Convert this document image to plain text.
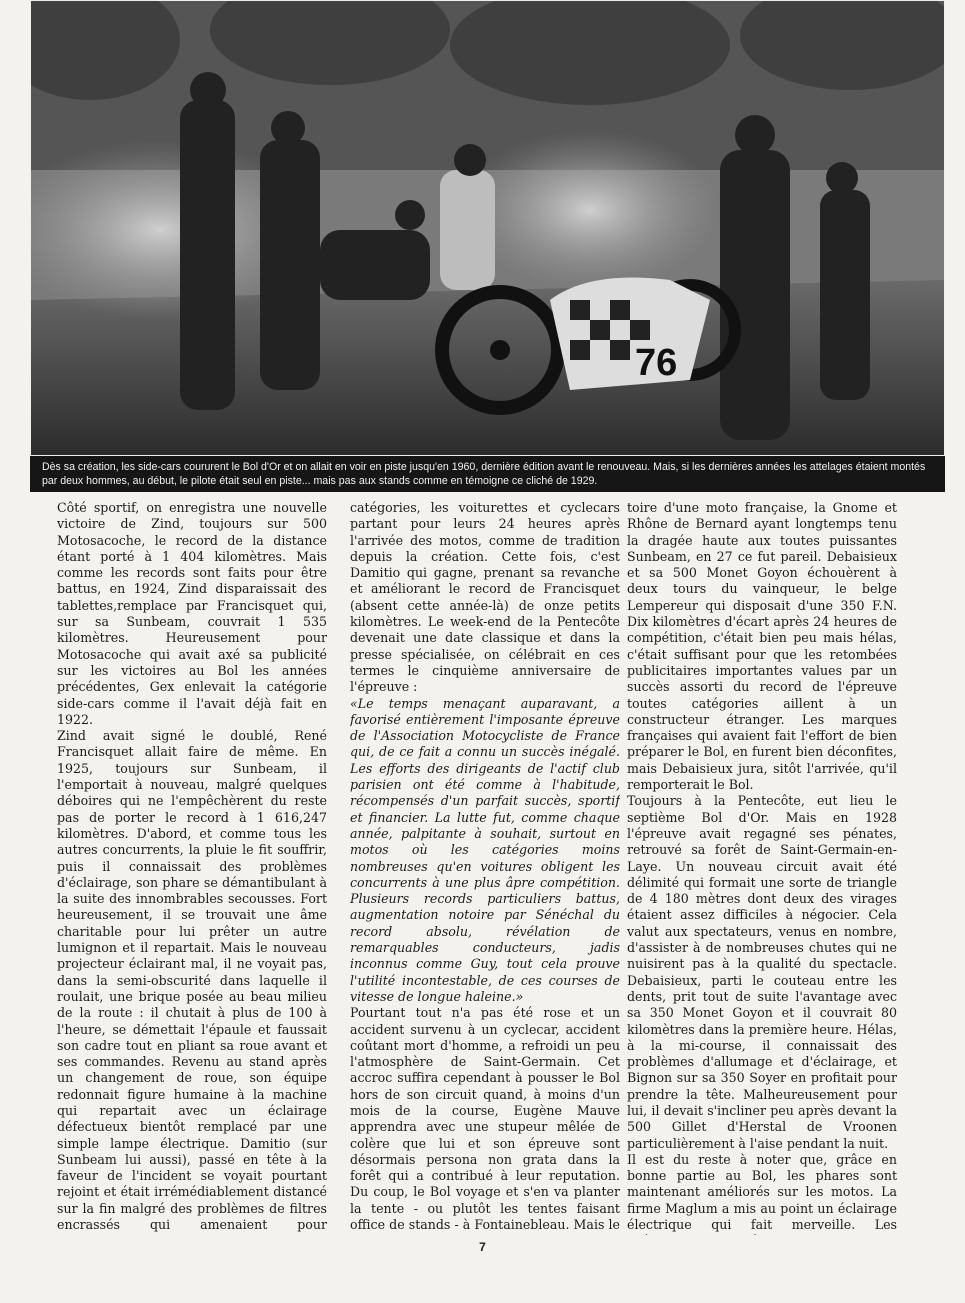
76
Dès sa création, les side-cars coururent le Bol d'Or et on allait en voir en piste jusqu'en 1960, dernière édition avant le renouveau. Mais, si les dernières années les attelages étaient montés par deux hommes, au début, le pilote était seul en piste... mais pas aux stands comme en témoigne ce cliché de 1929.

Côté sportif, on enregistra une nouvelle victoire de Zind, toujours sur 500 Motosacoche, le record de la distance étant porté à 1 404 kilomètres. Mais comme les records sont faits pour être battus, en 1924, Zind disparaissait des tablettes,remplace par Francisquet qui, sur sa Sunbeam, couvrait 1 535 kilomètres. Heureusement pour Motosacoche qui avait axé sa publicité sur les victoires au Bol les années précédentes, Gex enlevait la catégorie side-cars comme il l'avait déjà fait en 1922.

Zind avait signé le doublé, René Francisquet allait faire de même. En 1925, toujours sur Sunbeam, il l'emportait à nouveau, malgré quelques déboires qui ne l'empêchèrent du reste pas de porter le record à 1 616,247 kilomètres. D'abord, et comme tous les autres concurrents, la pluie le fit souffrir, puis il connaissait des problèmes d'éclairage, son phare se démantibulant à la suite des innombrables secousses. Fort heureusement, il se trouvait une âme charitable pour lui prêter un autre lumignon et il repartait. Mais le nouveau projecteur éclairant mal, il ne voyait pas, dans la semi-obscurité dans laquelle il roulait, une brique posée au beau milieu de la route : il chutait à plus de 100 à l'heure, se démettait l'épaule et faussait son cadre tout en pliant sa roue avant et ses commandes. Revenu au stand après un changement de roue, son équipe redonnait figure humaine à la machine qui repartait avec un éclairage défectueux bientôt remplacé par une simple lampe électrique. Damitio (sur Sunbeam lui aussi), passé en tête à la faveur de l'incident se voyait pourtant rejoint et était irrémédiablement distancé sur la fin malgré des problèmes de filtres encrassés qui amenaient pour

catégories, les voiturettes et cyclecars partant pour leurs 24 heures après l'arrivée des motos, comme de tradition depuis la création. Cette fois, c'est Damitio qui gagne, prenant sa revanche et améliorant le record de Francisquet (absent cette année-là) de onze petits kilomètres. Le week-end de la Pentecôte devenait une date classique et dans la presse spécialisée, on célébrait en ces termes le cinquième anniversaire de l'épreuve :

«Le temps menaçant auparavant, a favorisé entièrement l'imposante épreuve de l'Association Motocycliste de France qui, de ce fait a connu un succès inégalé. Les efforts des dirigeants de l'actif club parisien ont été comme à l'habitude, récompensés d'un parfait succès, sportif et financier. La lutte fut, comme chaque année, palpitante à souhait, surtout en motos où les catégories moins nombreuses qu'en voitures obligent les concurrents à une plus âpre compétition. Plusieurs records particuliers battus, augmentation notoire par Sénéchal du record absolu, révélation de remarquables conducteurs, jadis inconnus comme Guy, tout cela prouve l'utilité incontestable, de ces courses de vitesse de longue haleine.»

Pourtant tout n'a pas été rose et un accident survenu à un cyclecar, accident coûtant mort d'homme, a refroidi un peu l'atmosphère de Saint-Germain. Cet accroc suffira cependant à pousser le Bol hors de son circuit quand, à moins d'un mois de la course, Eugène Mauve apprendra avec une stupeur mêlée de colère que lui et son épreuve sont désormais persona non grata dans la forêt qui a contribué à leur reputation. Du coup, le Bol voyage et s'en va planter la tente - ou plutôt les tentes faisant office de stands - à Fontainebleau. Mais le

toire d'une moto française, la Gnome et Rhône de Bernard ayant longtemps tenu la dragée haute aux toutes puissantes Sunbeam, en 27 ce fut pareil. Debaisieux et sa 500 Monet Goyon échouèrent à deux tours du vainqueur, le belge Lempereur qui disposait d'une 350 F.N. Dix kilomètres d'écart après 24 heures de compétition, c'était bien peu mais hélas, c'était suffisant pour que les retombées publicitaires importantes values par un succès assorti du record de l'épreuve toutes catégories aillent à un constructeur étranger. Les marques françaises qui avaient fait l'effort de bien préparer le Bol, en furent bien déconfites, mais Debaisieux jura, sitôt l'arrivée, qu'il remporterait le Bol.

Toujours à la Pentecôte, eut lieu le septième Bol d'Or. Mais en 1928 l'épreuve avait regagné ses pénates, retrouvé sa forêt de Saint-Germain-en-Laye. Un nouveau circuit avait été délimité qui formait une sorte de triangle de 4 180 mètres dont deux des virages étaient assez difficiles à négocier. Cela valut aux spectateurs, venus en nombre, d'assister à de nombreuses chutes qui ne nuisirent pas à la qualité du spectacle. Debaisieux, parti le couteau entre les dents, prit tout de suite l'avantage avec sa 350 Monet Goyon et il couvrait 80 kilomètres dans la première heure. Hélas, à la mi-course, il connaissait des problèmes d'allumage et d'éclairage, et Bignon sur sa 350 Soyer en profitait pour prendre la tête. Malheureusement pour lui, il devait s'incliner peu après devant la 500 Gillet d'Herstal de Vroonen particulièrement à l'aise pendant la nuit.

Il est du reste à noter que, grâce en bonne partie au Bol, les phares sont maintenant améliorés sur les motos. La firme Maglum a mis au point un éclairage électrique qui fait merveille. Les

7
